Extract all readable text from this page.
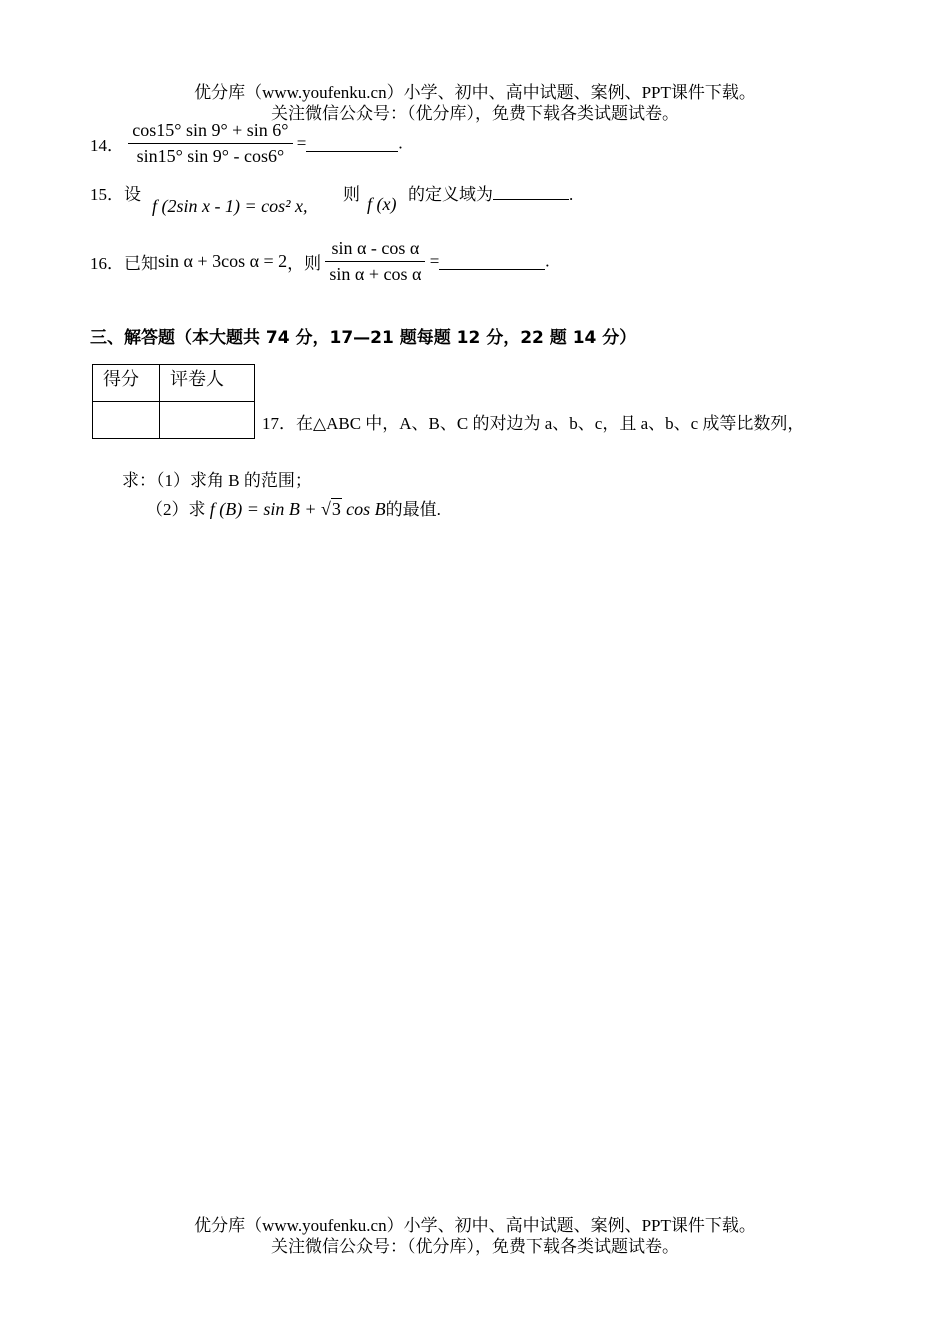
优分库（www.youfenku.cn）小学、初中、高中试题、案例、PPT课件下载。
关注微信公众号：（优分库），免费下载各类试题试卷。
14． $\frac{\cos 15^\circ \sin 9^\circ + \sin 6^\circ}{\sin 15^\circ \sin 9^\circ - \cos 6^\circ}$ =	.
15．设
f (2sin x - 1) = cos² x,
则 f (x) 的定义域为	.
16．已知sin α + 3cos α = 2，则 $\frac{\text{sin α - cos α}}{\text{sin α + cos α}}$ =	.
三、解答题（本大题共 74 分，17—21 题每题 12 分，22 题 14 分）
得分	评卷人

17．在△ABC 中，A、B、C 的对边为 a、b、c，且 a、b、c 成等比数列，
求：（1）求角 B 的范围；
（2）求 f (B) = sin B + √3 cos B的最值.
优分库（www.youfenku.cn）小学、初中、高中试题、案例、PPT课件下载。
关注微信公众号：（优分库），免费下载各类试题试卷。
